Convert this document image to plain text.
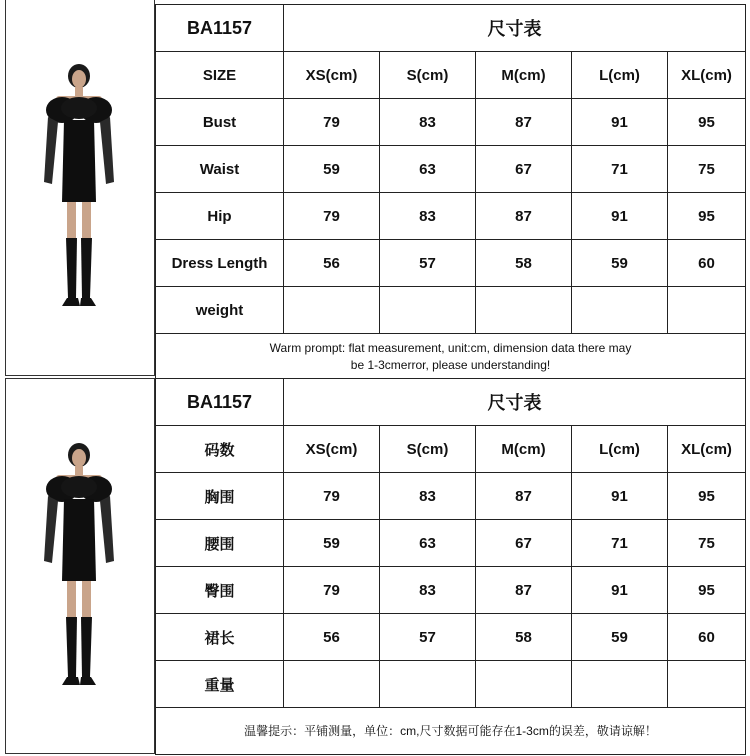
BA1157	尺寸表				
SIZE	XS(cm)	S(cm)	M(cm)	L(cm)	XL(cm)
Bust	79	83	87	91	95
Waist	59	63	67	71	75
Hip	79	83	87	91	95
Dress Length	56	57	58	59	60
weight					

Warm prompt: flat measurement, unit:cm, dimension data there may
be 1-3cmerror, please understanding!					
BA1157	尺寸表				
码数	XS(cm)	S(cm)	M(cm)	L(cm)	XL(cm)
胸围	79	83	87	91	95
腰围	59	63	67	71	75
臀围	79	83	87	91	95
裙长	56	57	58	59	60
重量					
温馨提示：平铺测量，单位：cm,尺寸数据可能存在1-3cm的误差，敬请谅解！					
